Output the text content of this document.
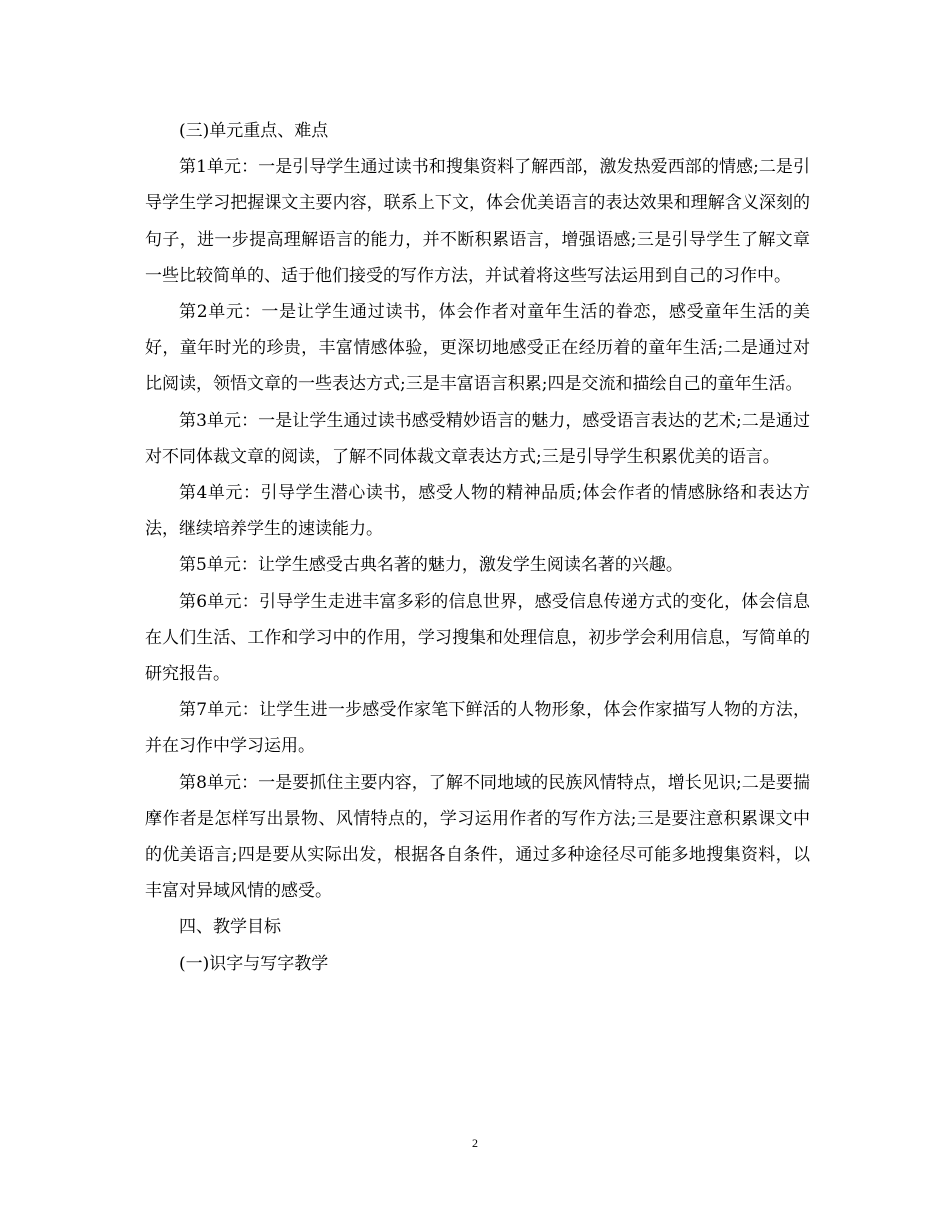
(三)单元重点、难点

第1单元：一是引导学生通过读书和搜集资料了解西部，激发热爱西部的情感;二是引导学生学习把握课文主要内容，联系上下文，体会优美语言的表达效果和理解含义深刻的句子，进一步提高理解语言的能力，并不断积累语言，增强语感;三是引导学生了解文章一些比较简单的、适于他们接受的写作方法，并试着将这些写法运用到自己的习作中。

第2单元：一是让学生通过读书，体会作者对童年生活的眷恋，感受童年生活的美好，童年时光的珍贵，丰富情感体验，更深切地感受正在经历着的童年生活;二是通过对比阅读，领悟文章的一些表达方式;三是丰富语言积累;四是交流和描绘自己的童年生活。

第3单元：一是让学生通过读书感受精妙语言的魅力，感受语言表达的艺术;二是通过对不同体裁文章的阅读，了解不同体裁文章表达方式;三是引导学生积累优美的语言。

第4单元：引导学生潜心读书，感受人物的精神品质;体会作者的情感脉络和表达方法，继续培养学生的速读能力。

第5单元：让学生感受古典名著的魅力，激发学生阅读名著的兴趣。

第6单元：引导学生走进丰富多彩的信息世界，感受信息传递方式的变化，体会信息在人们生活、工作和学习中的作用，学习搜集和处理信息，初步学会利用信息，写简单的研究报告。

第7单元：让学生进一步感受作家笔下鲜活的人物形象，体会作家描写人物的方法，并在习作中学习运用。

第8单元：一是要抓住主要内容，了解不同地域的民族风情特点，增长见识;二是要揣摩作者是怎样写出景物、风情特点的，学习运用作者的写作方法;三是要注意积累课文中的优美语言;四是要从实际出发，根据各自条件，通过多种途径尽可能多地搜集资料，以丰富对异域风情的感受。

四、教学目标

(一)识字与写字教学

2
